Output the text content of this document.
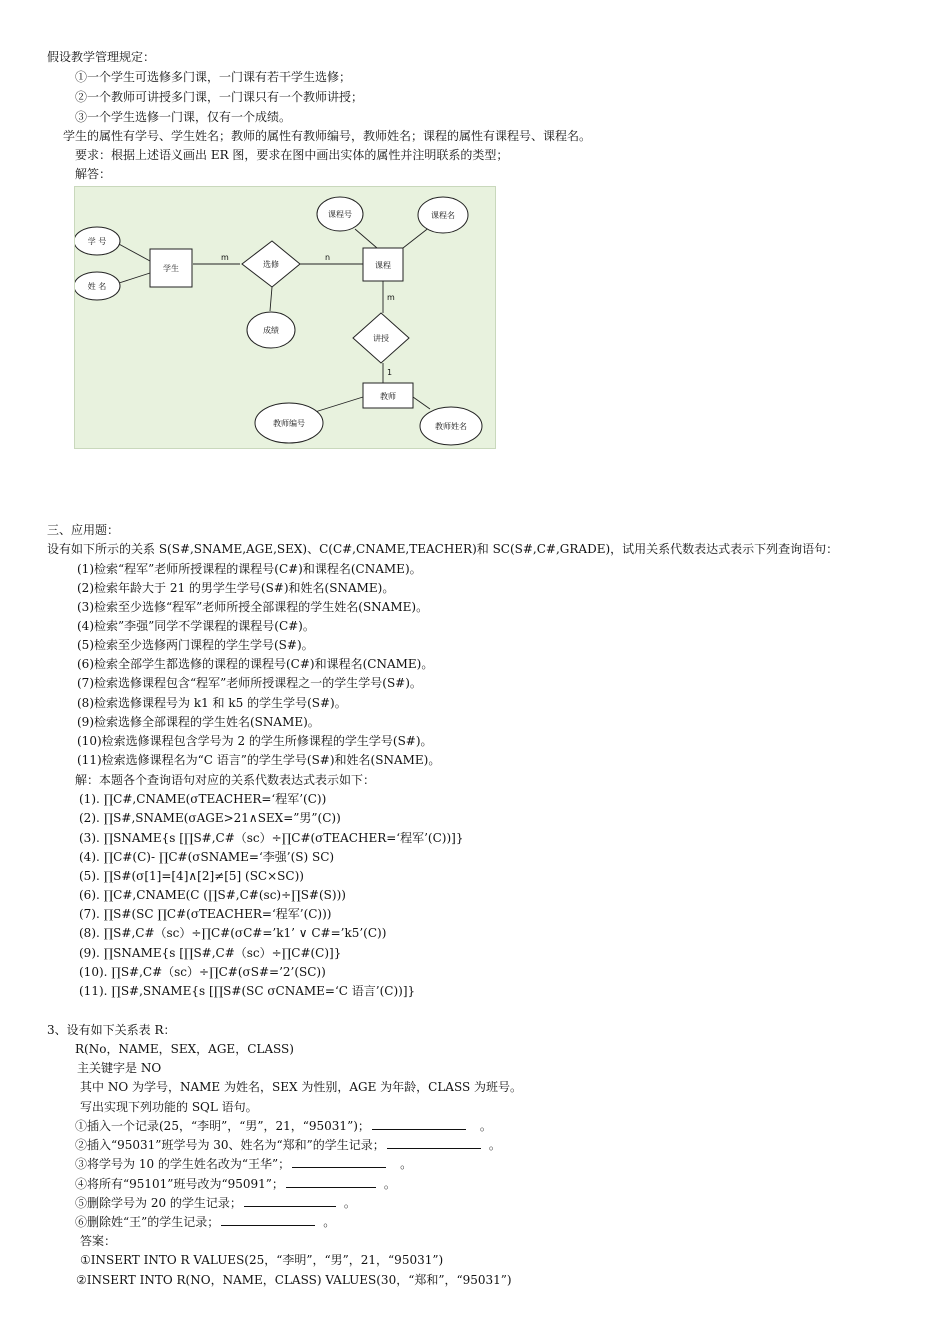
假设教学管理规定：
①一个学生可选修多门课，一门课有若干学生选修；
②一个教师可讲授多门课，一门课只有一个教师讲授；
③一个学生选修一门课，仅有一个成绩。
学生的属性有学号、学生姓名；教师的属性有教师编号，教师姓名；课程的属性有课程号、课程名。
要求：根据上述语义画出 ER 图，要求在图中画出实体的属性并注明联系的类型；
解答：
m	n
m
1
学 号
姓 名
课程号	课程名
成绩
教师编号	教师姓名
学生	课程
教师
选修
讲授
三、应用题：
设有如下所示的关系 S(S#,SNAME,AGE,SEX)、C(C#,CNAME,TEACHER)和 SC(S#,C#,GRADE)，试用关系代数表达式表示下列查询语句：
(1)检索“程军”老师所授课程的课程号(C#)和课程名(CNAME)。
(2)检索年龄大于 21 的男学生学号(S#)和姓名(SNAME)。
(3)检索至少选修“程军”老师所授全部课程的学生姓名(SNAME)。
(4)检索”李强”同学不学课程的课程号(C#)。
(5)检索至少选修两门课程的学生学号(S#)。
(6)检索全部学生都选修的课程的课程号(C#)和课程名(CNAME)。
(7)检索选修课程包含“程军”老师所授课程之一的学生学号(S#)。
(8)检索选修课程号为 k1 和 k5 的学生学号(S#)。
(9)检索选修全部课程的学生姓名(SNAME)。
(10)检索选修课程包含学号为 2 的学生所修课程的学生学号(S#)。
(11)检索选修课程名为“C 语言”的学生学号(S#)和姓名(SNAME)。
解：本题各个查询语句对应的关系代数表达式表示如下：
(1). ∏C#,CNAME(σTEACHER=‘程军’(C))
(2). ∏S#,SNAME(σAGE>21∧SEX=”男”(C))
(3). ∏SNAME{s [∏S#,C#（sc）÷∏C#(σTEACHER=‘程军’(C))]}
(4). ∏C#(C)- ∏C#(σSNAME=‘李强’(S) SC)
(5). ∏S#(σ[1]=[4]∧[2]≠[5] (SC×SC))
(6). ∏C#,CNAME(C (∏S#,C#(sc)÷∏S#(S)))
(7). ∏S#(SC ∏C#(σTEACHER=‘程军’(C)))
(8). ∏S#,C#（sc）÷∏C#(σC#=’k1’ ∨ C#=’k5’(C))
(9). ∏SNAME{s [∏S#,C#（sc）÷∏C#(C)]}
(10). ∏S#,C#（sc）÷∏C#(σS#=’2’(SC))
(11). ∏S#,SNAME{s [∏S#(SC σCNAME=‘C 语言’(C))]}
3、设有如下关系表 R：
R(No，NAME，SEX，AGE，CLASS)
主关键字是 NO
其中 NO 为学号，NAME 为姓名，SEX 为性别，AGE 为年龄，CLASS 为班号。
写出实现下列功能的 SQL 语句。
①插入一个记录(25，“李明”，“男”，21，“95031”)；	。
②插入“95031”班学号为 30、姓名为“郑和”的学生记录；	。
③将学号为 10 的学生姓名改为“王华”；	。
④将所有“95101”班号改为“95091”；	。
⑤删除学号为 20 的学生记录；	。
⑥删除姓“王”的学生记录；	。
答案：
①INSERT INTO R VALUES(25，“李明”，“男”，21，“95031”)
②INSERT INTO R(NO，NAME，CLASS) VALUES(30，“郑和”，“95031”)
